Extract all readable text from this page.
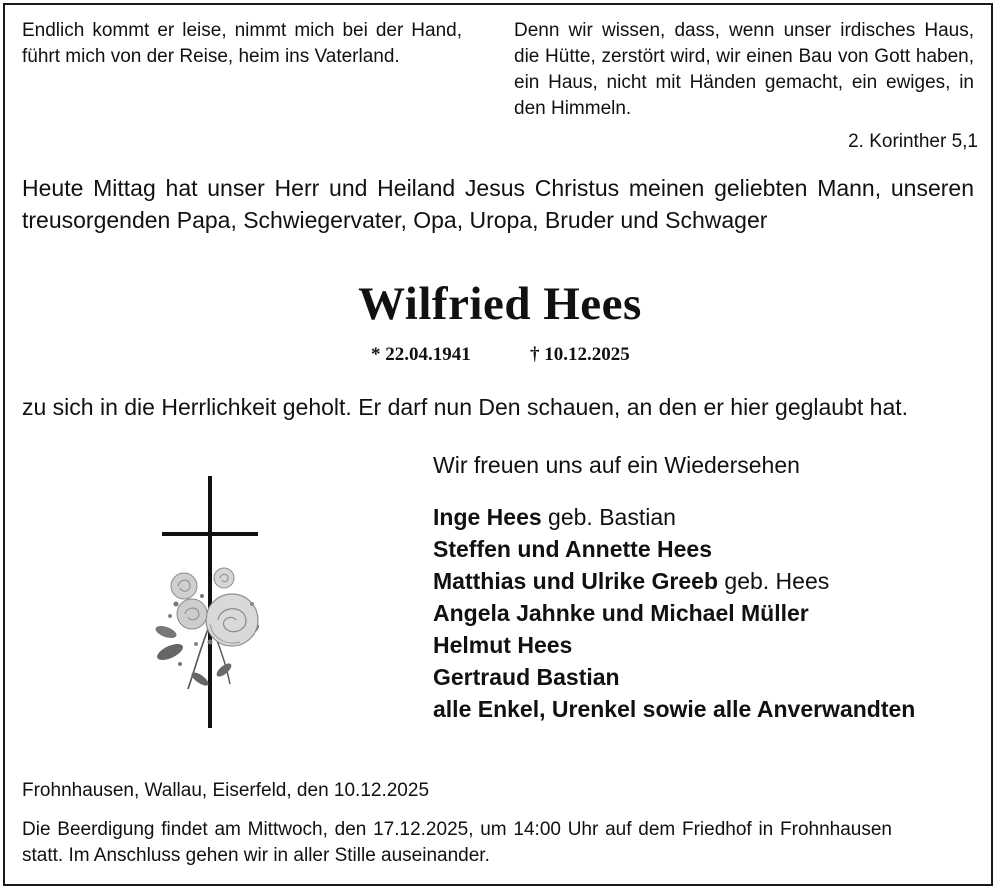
Endlich kommt er leise, nimmt mich bei der Hand, führt mich von der Reise, heim ins Vaterland.
Denn wir wissen, dass, wenn unser irdisches Haus, die Hütte, zerstört wird, wir einen Bau von Gott haben, ein Haus, nicht mit Händen gemacht, ein ewiges, in den Himmeln.
2. Korinther 5,1
Heute Mittag hat unser Herr und Heiland Jesus Christus meinen geliebten Mann, unseren treusorgenden Papa, Schwiegervater, Opa, Uropa, Bruder und Schwager
Wilfried Hees
* 22.04.1941	† 10.12.2025
zu sich in die Herrlichkeit geholt. Er darf nun Den schauen, an den er hier geglaubt hat.
Wir freuen uns auf ein Wiedersehen
Inge Hees geb. Bastian
Steffen und Annette Hees
Matthias und Ulrike Greeb geb. Hees
Angela Jahnke und Michael Müller
Helmut Hees
Gertraud Bastian
alle Enkel, Urenkel sowie alle Anverwandten
Frohnhausen, Wallau, Eiserfeld, den 10.12.2025
Die Beerdigung findet am Mittwoch, den 17.12.2025, um 14:00 Uhr auf dem Friedhof in Frohnhausen statt. Im Anschluss gehen wir in aller Stille auseinander.
